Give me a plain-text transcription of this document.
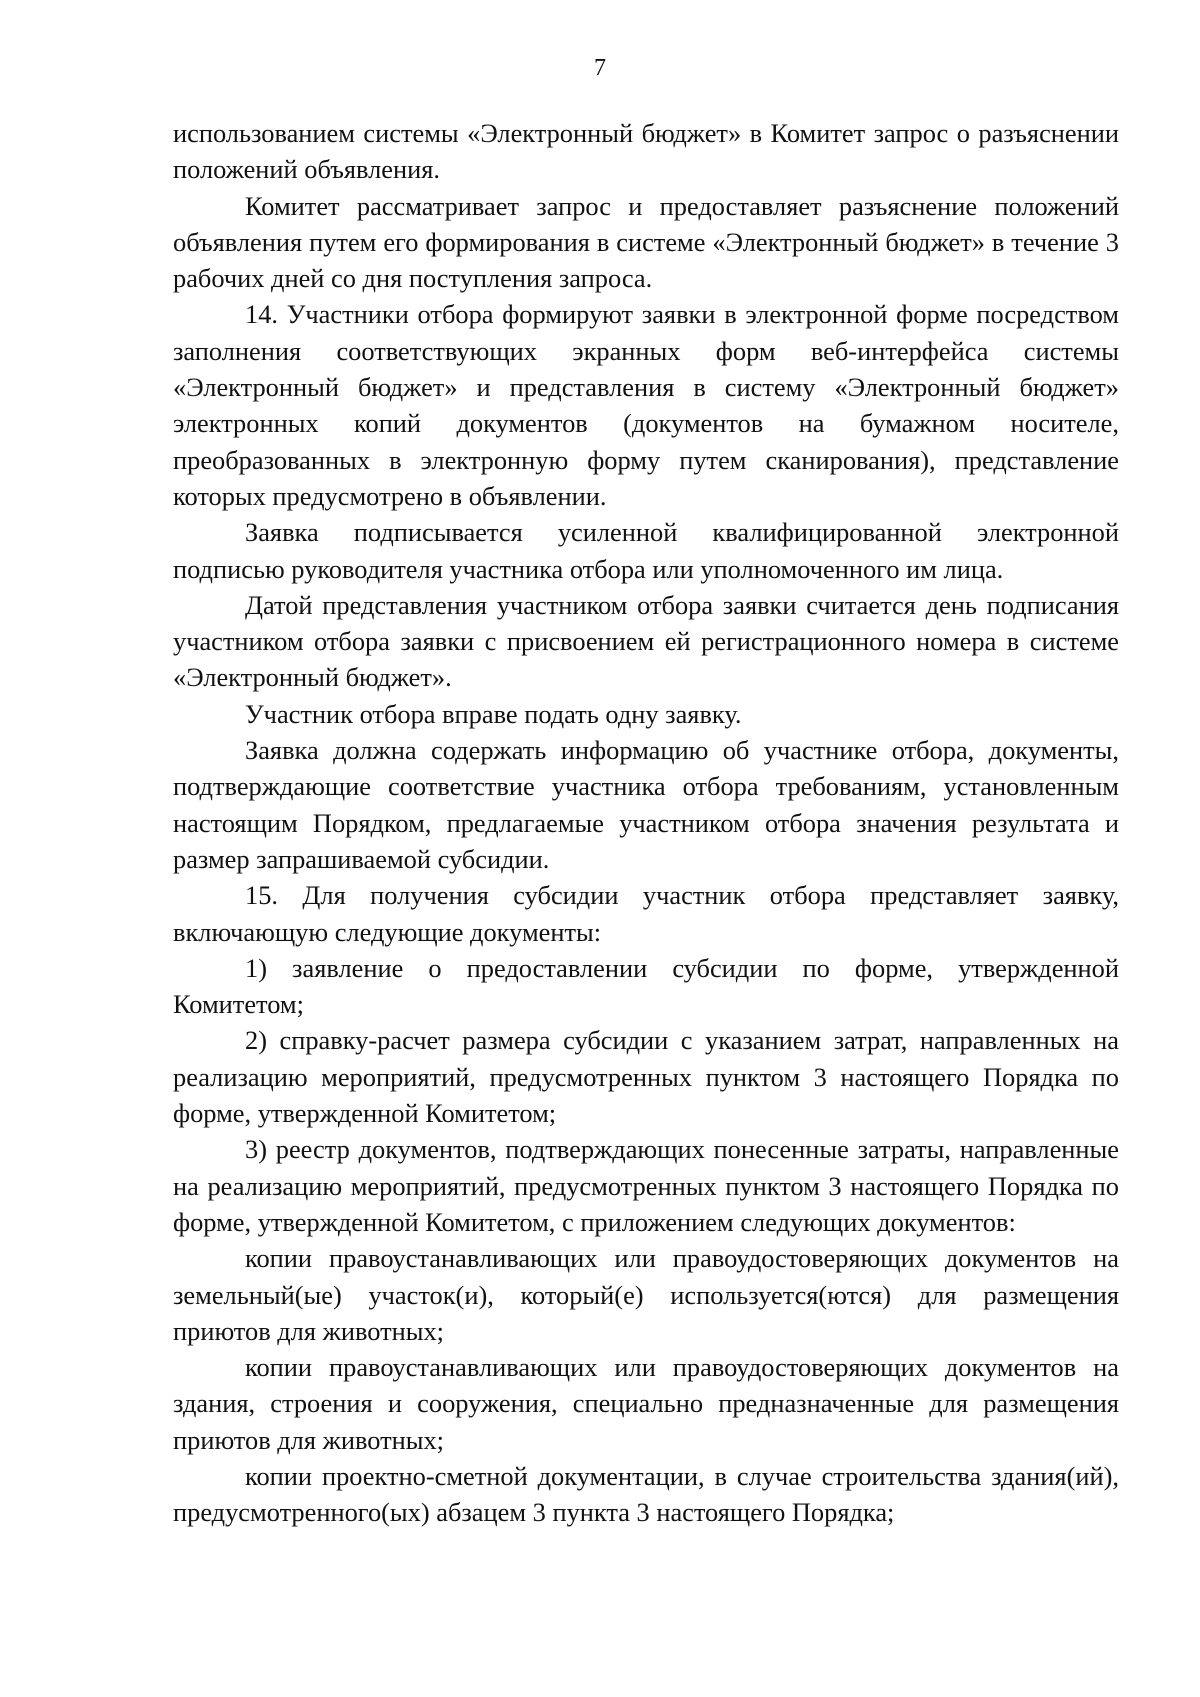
7

использованием системы «Электронный бюджет» в Комитет запрос о разъяснении положений объявления.

Комитет рассматривает запрос и предоставляет разъяснение положений объявления путем его формирования в системе «Электронный бюджет» в течение 3 рабочих дней со дня поступления запроса.

14. Участники отбора формируют заявки в электронной форме посредством заполнения соответствующих экранных форм веб-интерфейса системы «Электронный бюджет» и представления в систему «Электронный бюджет» электронных копий документов (документов на бумажном носителе, преобразованных в электронную форму путем сканирования), представление которых предусмотрено в объявлении.

Заявка подписывается усиленной квалифицированной электронной подписью руководителя участника отбора или уполномоченного им лица.

Датой представления участником отбора заявки считается день подписания участником отбора заявки с присвоением ей регистрационного номера в системе «Электронный бюджет».

Участник отбора вправе подать одну заявку.

Заявка должна содержать информацию об участнике отбора, документы, подтверждающие соответствие участника отбора требованиям, установленным настоящим Порядком, предлагаемые участником отбора значения результата и размер запрашиваемой субсидии.

15. Для получения субсидии участник отбора представляет заявку, включающую следующие документы:

1) заявление о предоставлении субсидии по форме, утвержденной Комитетом;

2) справку-расчет размера субсидии с указанием затрат, направленных на реализацию мероприятий, предусмотренных пунктом 3 настоящего Порядка по форме, утвержденной Комитетом;

3) реестр документов, подтверждающих понесенные затраты, направленные на реализацию мероприятий, предусмотренных пунктом 3 настоящего Порядка по форме, утвержденной Комитетом, с приложением следующих документов:

копии правоустанавливающих или правоудостоверяющих документов на земельный(ые) участок(и), который(е) используется(ются) для размещения приютов для животных;

копии правоустанавливающих или правоудостоверяющих документов на здания, строения и сооружения, специально предназначенные для размещения приютов для животных;

копии проектно-сметной документации, в случае строительства здания(ий), предусмотренного(ых) абзацем 3 пункта 3 настоящего Порядка;
